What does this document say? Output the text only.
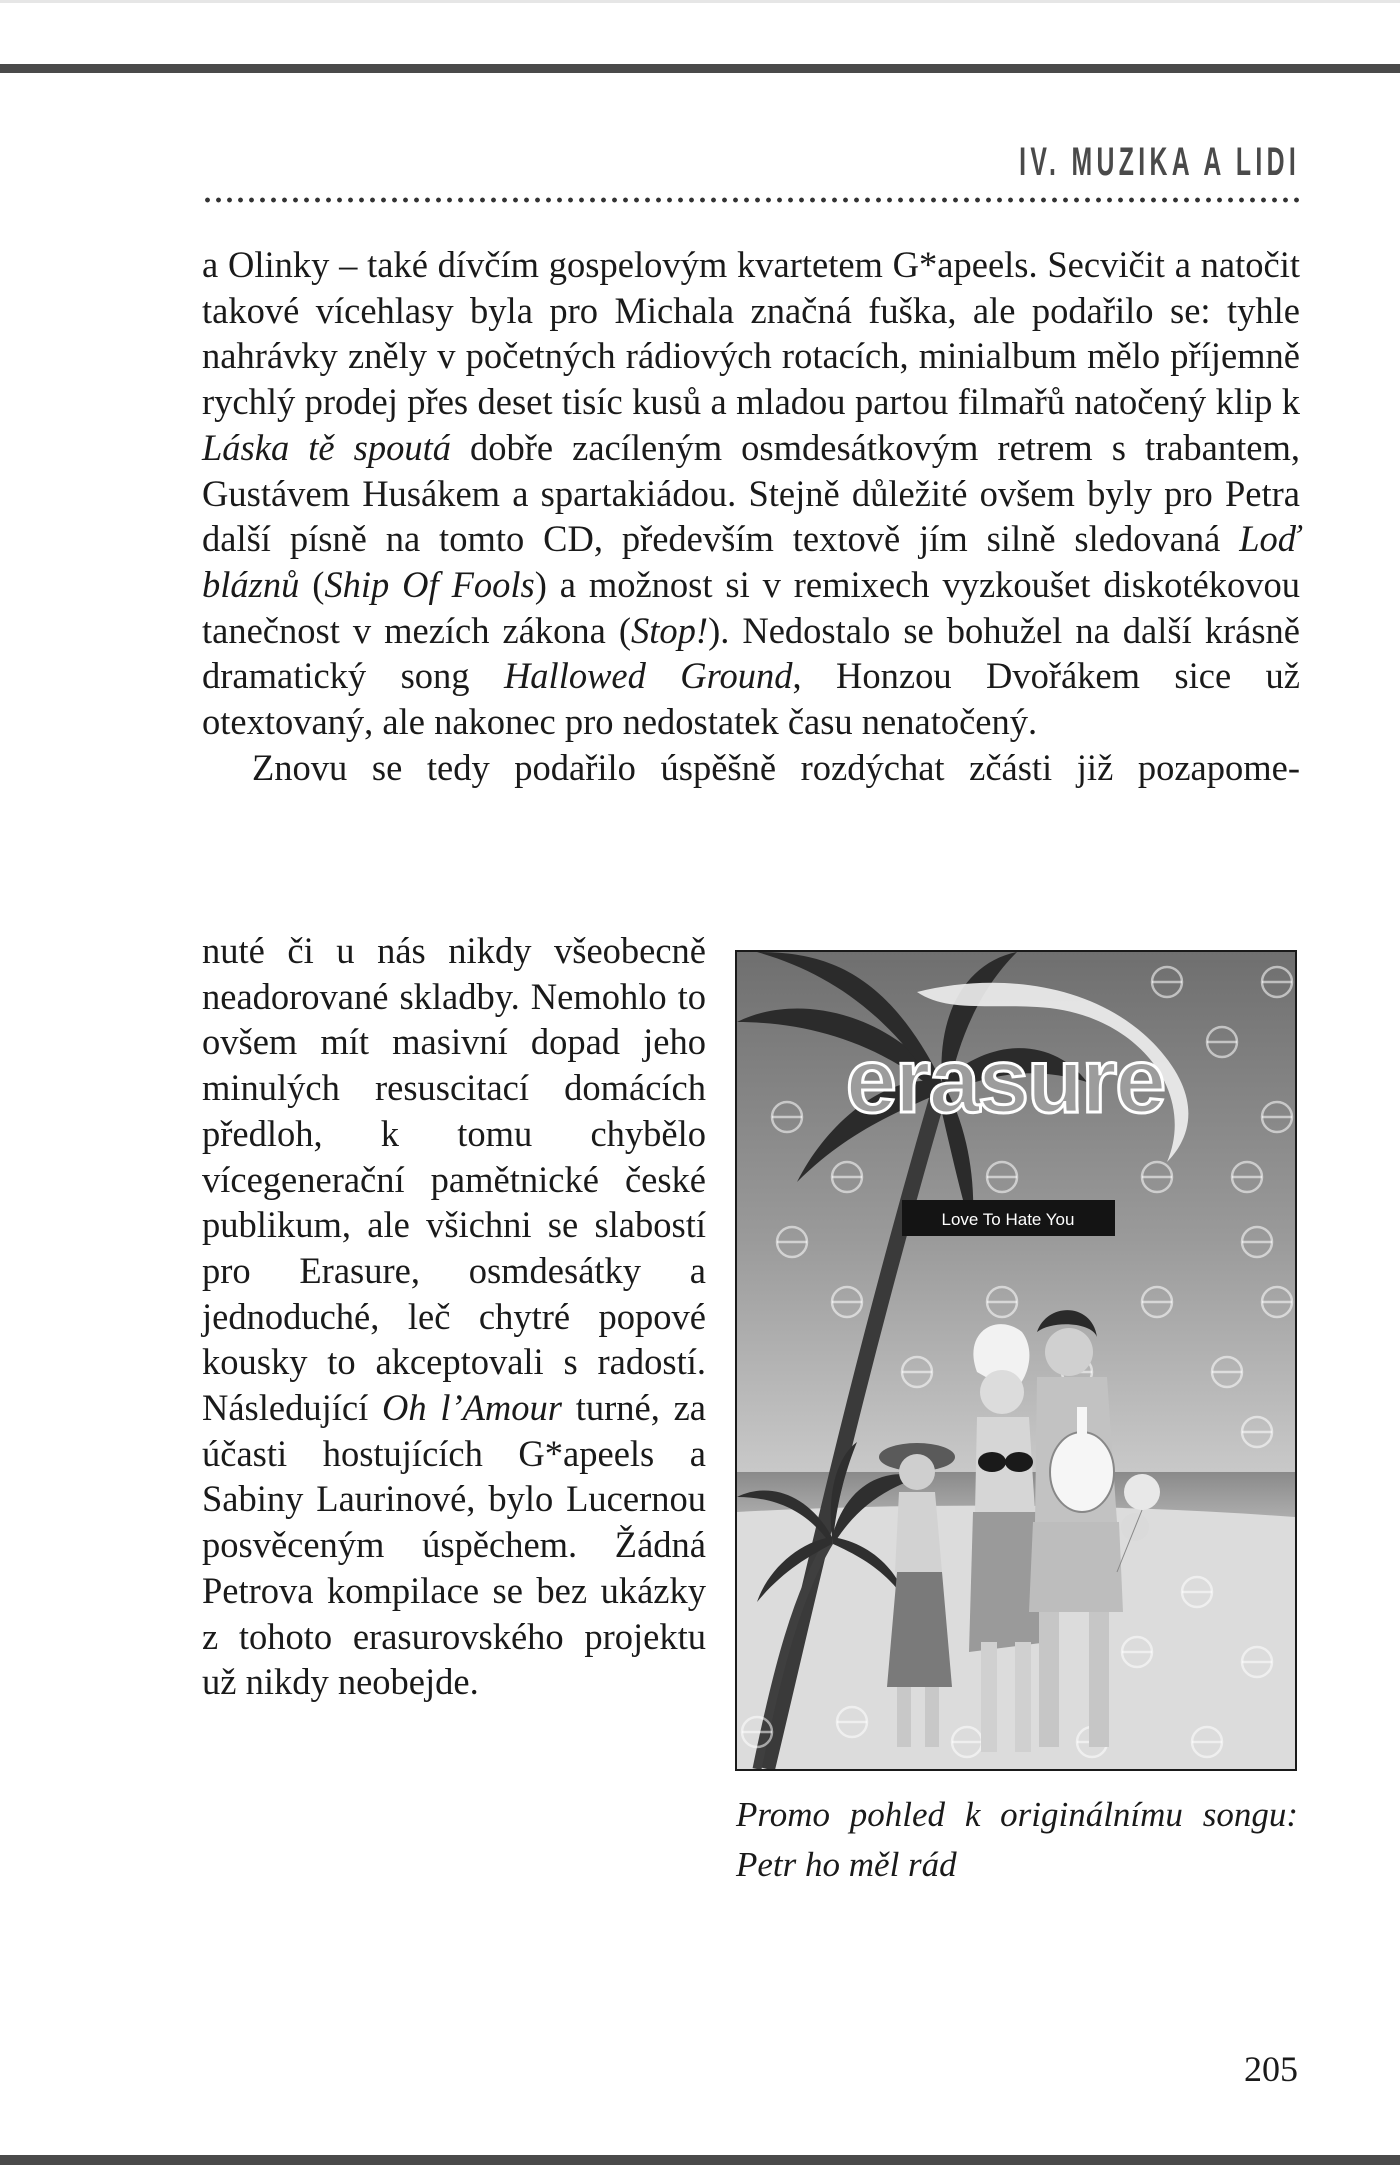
IV. MUZIKA A LIDI

a Olinky – také dívčím gospelovým kvartetem G*apeels. Secvičit a natočit takové vícehlasy byla pro Michala značná fuška, ale podařilo se: tyhle nahrávky zněly v početných rádiových rotacích, minialbum mělo příjemně rychlý prodej přes deset tisíc kusů a mladou partou filmařů natočený klip k Láska tě spoutá dobře zacíleným osmdesátkovým retrem s trabantem, Gustávem Husákem a spartakiádou. Stejně důležité ovšem byly pro Petra další písně na tomto CD, především textově jím silně sledovaná Loď bláznů (Ship Of Fools) a možnost si v remixech vyzkoušet diskotékovou tanečnost v mezích zákona (Stop!). Nedostalo se bohužel na další krásně dramatický song Hallowed Ground, Honzou Dvořákem sice už otextovaný, ale nakonec pro nedostatek času nenatočený.

Znovu se tedy podařilo úspěšně rozdýchat zčásti již pozapome-

nuté či u nás nikdy všeobecně neadorované skladby. Nemohlo to ovšem mít masivní dopad jeho minulých resuscitací domácích předloh, k tomu chybělo vícegenerační pamětnické české publikum, ale všichni se slabostí pro Erasure, osmdesátky a jednoduché, leč chytré popové kousky to akceptovali s radostí. Následující Oh l’Amour turné, za účasti hostujících G*apeels a Sabiny Laurinové, bylo Lucernou posvěceným úspěchem. Žádná Petrova kompilace se bez ukázky z tohoto erasurovského projektu už nikdy neobejde.

erasure
Love To Hate You
Promo pohled k originálnímu songu: Petr ho měl rád
205
